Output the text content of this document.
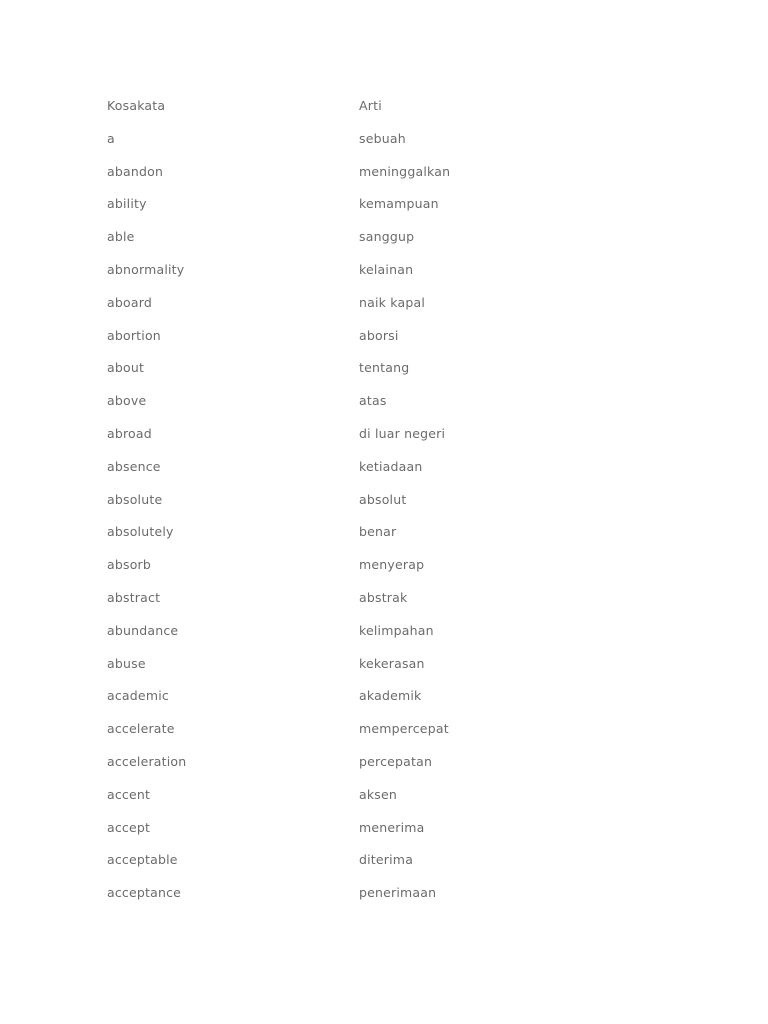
Kosakata	Arti
a	sebuah
abandon	meninggalkan
ability	kemampuan
able	sanggup
abnormality	kelainan
aboard	naik kapal
abortion	aborsi
about	tentang
above	atas
abroad	di luar negeri
absence	ketiadaan
absolute	absolut
absolutely	benar
absorb	menyerap
abstract	abstrak
abundance	kelimpahan
abuse	kekerasan
academic	akademik
accelerate	mempercepat
acceleration	percepatan
accent	aksen
accept	menerima
acceptable	diterima
acceptance	penerimaan
